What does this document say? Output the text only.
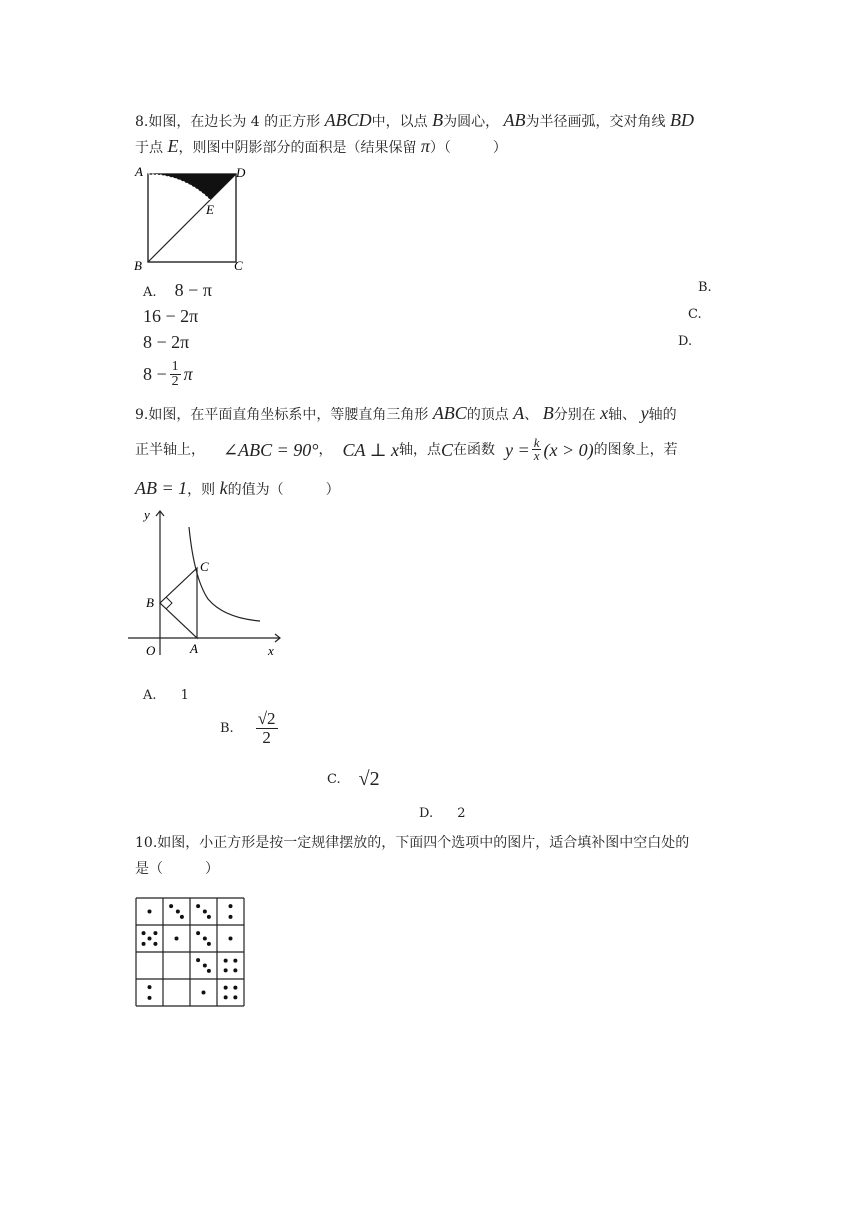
8.如图，在边长为 4 的正方形 ABCD中，以点 B为圆心， AB为半径画弧，交对角线 BD
于点 E，则图中阴影部分的面积是（结果保留 π）（　　　）
A	D
E
B	C
A. 8 − π	B.
16 − 2π	C.
8 − 2π	D.
$8 - \frac{1}{2}$ π
9.如图，在平面直角坐标系中，等腰直角三角形 ABC的顶点 A、 B分别在 x轴、 y轴的
正半轴上， ∠ABC = 90° ， CA ⊥ x 轴，点 C 在函数 $y = \frac{k}{x} (x > 0)$ 的图象上，若
AB = 1，则 k的值为（　　　）
y
C
B
O	A	x
A. 1
B.
√2
2
C. √2
D. 2
10.如图，小正方形是按一定规律摆放的，下面四个选项中的图片，适合填补图中空白处的
是（　　　）
